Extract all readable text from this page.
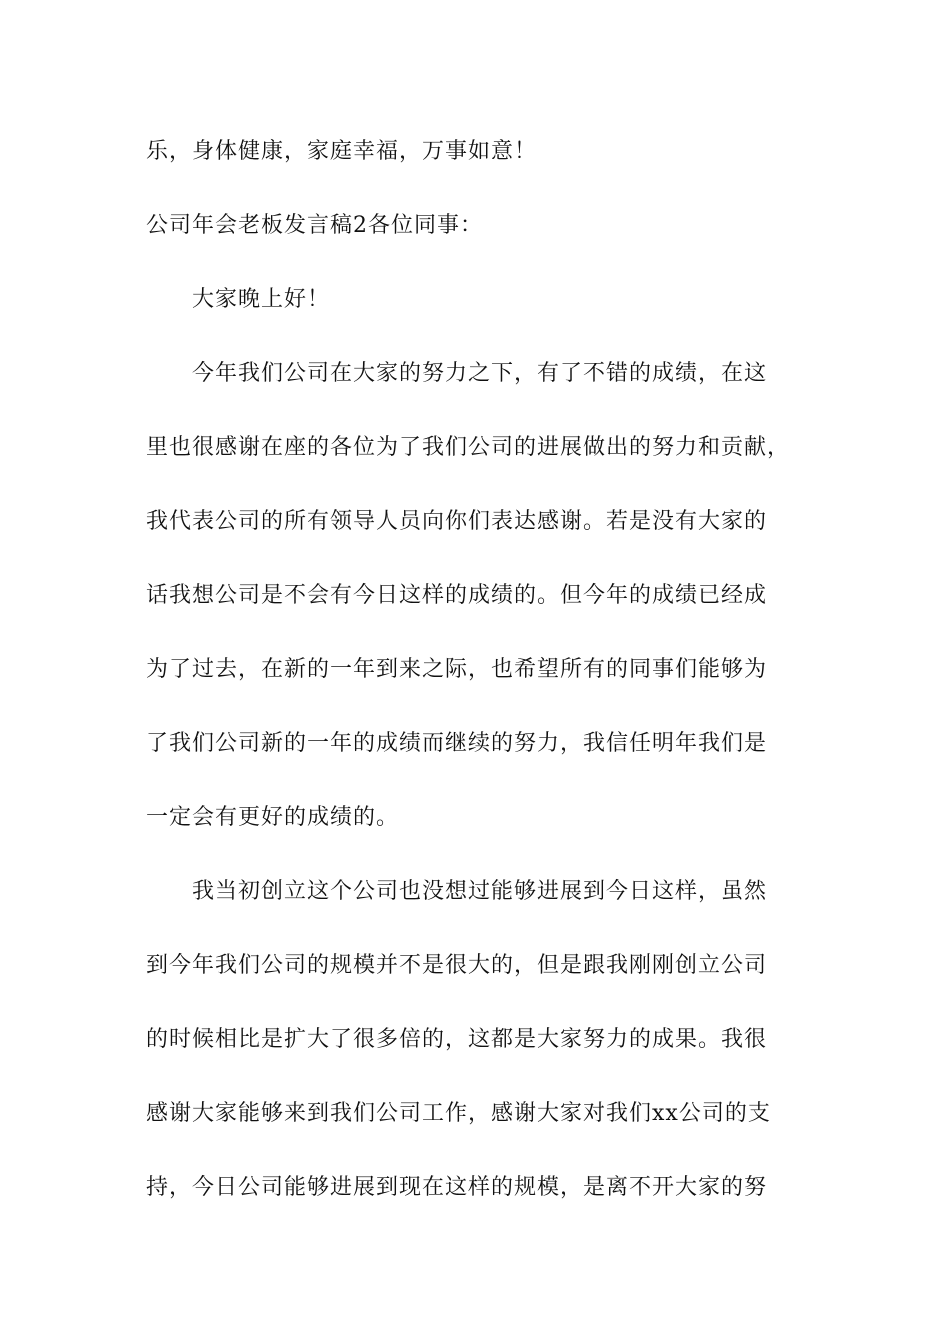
乐，身体健康，家庭幸福，万事如意！
公司年会老板发言稿2各位同事：
大家晚上好！
今年我们公司在大家的努力之下，有了不错的成绩，在这
里也很感谢在座的各位为了我们公司的进展做出的努力和贡献，
我代表公司的所有领导人员向你们表达感谢。若是没有大家的
话我想公司是不会有今日这样的成绩的。但今年的成绩已经成
为了过去，在新的一年到来之际，也希望所有的同事们能够为
了我们公司新的一年的成绩而继续的努力，我信任明年我们是
一定会有更好的成绩的。
我当初创立这个公司也没想过能够进展到今日这样，虽然
到今年我们公司的规模并不是很大的，但是跟我刚刚创立公司
的时候相比是扩大了很多倍的，这都是大家努力的成果。我很
感谢大家能够来到我们公司工作，感谢大家对我们xx公司的支
持，今日公司能够进展到现在这样的规模，是离不开大家的努
